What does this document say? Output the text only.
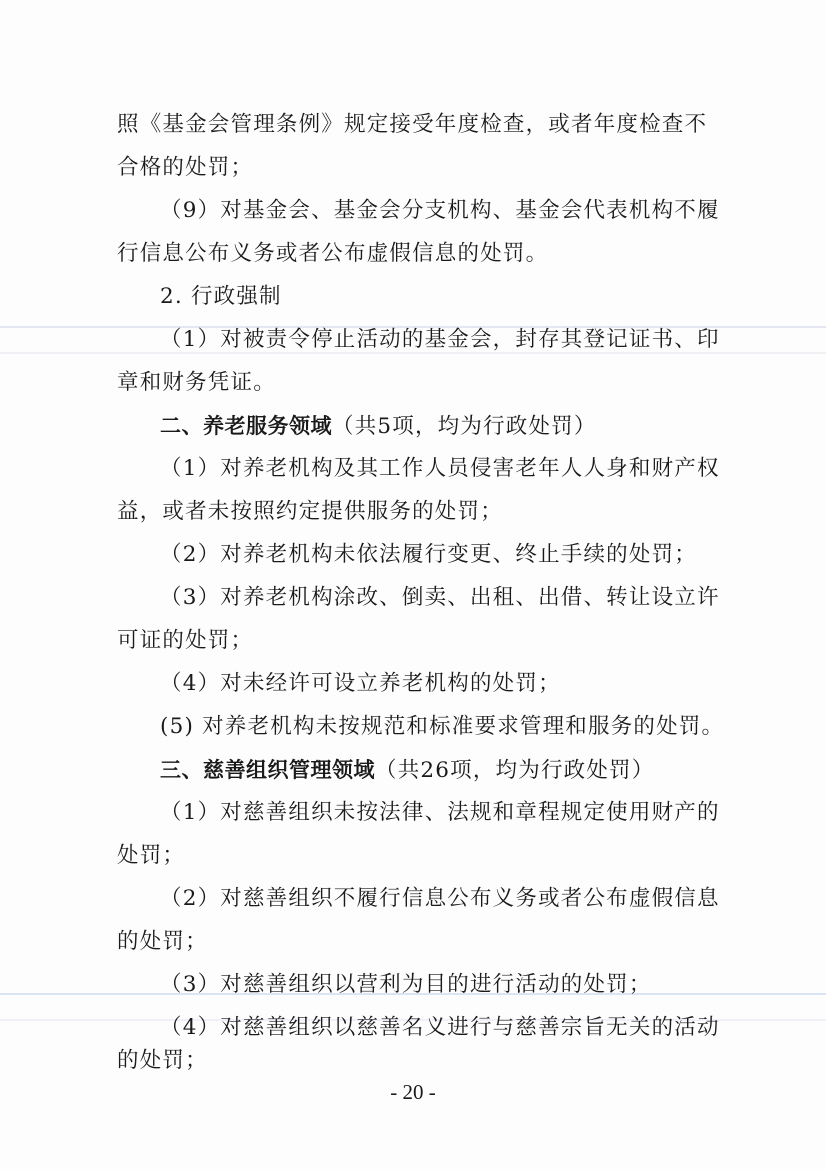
照《基金会管理条例》规定接受年度检查，或者年度检查不
合格的处罚；
（9）对基金会、基金会分支机构、基金会代表机构不履
行信息公布义务或者公布虚假信息的处罚。
2. 行政强制
（1）对被责令停止活动的基金会，封存其登记证书、印
章和财务凭证。
二、养老服务领域（共5项，均为行政处罚）
（1）对养老机构及其工作人员侵害老年人人身和财产权
益，或者未按照约定提供服务的处罚；
（2）对养老机构未依法履行变更、终止手续的处罚；
（3）对养老机构涂改、倒卖、出租、出借、转让设立许
可证的处罚；
（4）对未经许可设立养老机构的处罚；
(5) 对养老机构未按规范和标准要求管理和服务的处罚。
三、慈善组织管理领域（共26项，均为行政处罚）
（1）对慈善组织未按法律、法规和章程规定使用财产的
处罚；
（2）对慈善组织不履行信息公布义务或者公布虚假信息
的处罚；
（3）对慈善组织以营利为目的进行活动的处罚；
（4）对慈善组织以慈善名义进行与慈善宗旨无关的活动
的处罚；
- 20 -
